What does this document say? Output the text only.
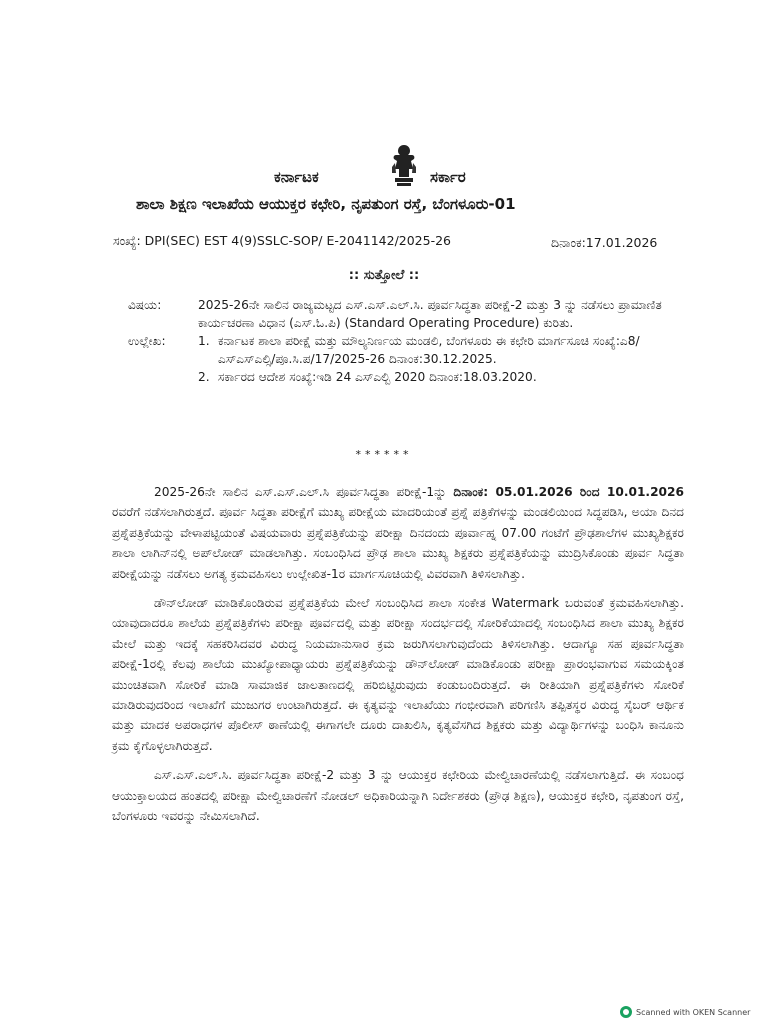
ಕರ್ನಾಟಕ	ಸರ್ಕಾರ
ಶಾಲಾ ಶಿಕ್ಷಣ ಇಲಾಖೆಯ ಆಯುಕ್ತರ ಕಛೇರಿ, ನೃಪತುಂಗ ರಸ್ತೆ, ಬೆಂಗಳೂರು-01
ಸಂಖ್ಯೆ: DPI(SEC) EST 4(9)SSLC-SOP/ E-2041142/2025-26	ದಿನಾಂಕ:17.01.2026
:: ಸುತ್ತೋಲೆ ::
ವಿಷಯ:	2025-26ನೇ ಸಾಲಿನ ರಾಜ್ಯಮಟ್ಟದ ಎಸ್.ಎಸ್.ಎಲ್.ಸಿ. ಪೂರ್ವಸಿದ್ಧತಾ ಪರೀಕ್ಷೆ-2 ಮತ್ತು 3 ನ್ನು ನಡೆಸಲು ಪ್ರಾಮಾಣಿತ ಕಾರ್ಯಚರಣಾ ವಿಧಾನ (ಎಸ್.ಓ.ಪಿ) (Standard Operating Procedure) ಕುರಿತು.
ಉಲ್ಲೇಖ:	1. ಕರ್ನಾಟಕ ಶಾಲಾ ಪರೀಕ್ಷೆ ಮತ್ತು ಮೌಲ್ಯನಿರ್ಣಯ ಮಂಡಲಿ, ಬೆಂಗಳೂರು ಈ ಕಛೇರಿ ಮಾರ್ಗಸೂಚಿ ಸಂಖ್ಯೆ:ಎ8/ಎಸ್ಎಸ್ಎಲ್ಸಿ/ಪೂ.ಸಿ.ಪ/17/2025-26 ದಿನಾಂಕ:30.12.2025.
2. ಸರ್ಕಾರದ ಆದೇಶ ಸಂಖ್ಯೆ:ಇಡಿ 24 ಎಸ್ಎಲ್ಬಿ 2020 ದಿನಾಂಕ:18.03.2020.
******

2025-26ನೇ ಸಾಲಿನ ಎಸ್.ಎಸ್.ಎಲ್.ಸಿ ಪೂರ್ವಸಿದ್ಧತಾ ಪರೀಕ್ಷೆ-1ನ್ನು ದಿನಾಂಕ: 05.01.2026 ರಿಂದ 10.01.2026 ರವರೆಗೆ ನಡೆಸಲಾಗಿರುತ್ತದೆ. ಪೂರ್ವ ಸಿದ್ಧತಾ ಪರೀಕ್ಷೆಗೆ ಮುಖ್ಯ ಪರೀಕ್ಷೆಯ ಮಾದರಿಯಂತೆ ಪ್ರಶ್ನೆ ಪತ್ರಿಕೆಗಳನ್ನು ಮಂಡಲಿಯಿಂದ ಸಿದ್ಧಪಡಿಸಿ, ಅಯಾ ದಿನದ ಪ್ರಶ್ನೆಪತ್ರಿಕೆಯನ್ನು ವೇಳಾಪಟ್ಟಿಯಂತೆ ವಿಷಯವಾರು ಪ್ರಶ್ನೆಪತ್ರಿಕೆಯನ್ನು ಪರೀಕ್ಷಾ ದಿನದಂದು ಪೂರ್ವಾಹ್ನ 07.00 ಗಂಟೆಗೆ ಪ್ರೌಢಶಾಲೆಗಳ ಮುಖ್ಯಶಿಕ್ಷಕರ ಶಾಲಾ ಲಾಗಿನ್‌ನಲ್ಲಿ ಅಪ್‌ಲೋಡ್ ಮಾಡಲಾಗಿತ್ತು. ಸಂಬಂಧಿಸಿದ ಪ್ರೌಢ ಶಾಲಾ ಮುಖ್ಯ ಶಿಕ್ಷಕರು ಪ್ರಶ್ನೆಪತ್ರಿಕೆಯನ್ನು ಮುದ್ರಿಸಿಕೊಂಡು ಪೂರ್ವ ಸಿದ್ಧತಾ ಪರೀಕ್ಷೆಯನ್ನು ನಡೆಸಲು ಅಗತ್ಯ ಕ್ರಮವಹಿಸಲು ಉಲ್ಲೇಖಿತ-1ರ ಮಾರ್ಗಸೂಚಿಯಲ್ಲಿ ವಿವರವಾಗಿ ತಿಳಿಸಲಾಗಿತ್ತು.

ಡೌನ್‌ಲೋಡ್ ಮಾಡಿಕೊಂಡಿರುವ ಪ್ರಶ್ನೆಪತ್ರಿಕೆಯ ಮೇಲೆ ಸಂಬಂಧಿಸಿದ ಶಾಲಾ ಸಂಕೇತ Watermark ಬರುವಂತೆ ಕ್ರಮವಹಿಸಲಾಗಿತ್ತು. ಯಾವುದಾದರೂ ಶಾಲೆಯ ಪ್ರಶ್ನೆಪತ್ರಿಕೆಗಳು ಪರೀಕ್ಷಾ ಪೂರ್ವದಲ್ಲಿ ಮತ್ತು ಪರೀಕ್ಷಾ ಸಂದರ್ಭದಲ್ಲಿ ಸೋರಿಕೆಯಾದಲ್ಲಿ ಸಂಬಂಧಿಸಿದ ಶಾಲಾ ಮುಖ್ಯ ಶಿಕ್ಷಕರ ಮೇಲೆ ಮತ್ತು ಇದಕ್ಕೆ ಸಹಕರಿಸಿದವರ ವಿರುದ್ಧ ನಿಯಮಾನುಸಾರ ಕ್ರಮ ಜರುಗಿಸಲಾಗುವುದೆಂದು ತಿಳಿಸಲಾಗಿತ್ತು. ಆದಾಗ್ಯೂ ಸಹ ಪೂರ್ವಸಿದ್ಧತಾ ಪರೀಕ್ಷೆ-1ರಲ್ಲಿ ಕೆಲವು ಶಾಲೆಯ ಮುಖ್ಯೋಪಾಧ್ಯಾಯರು ಪ್ರಶ್ನೆಪತ್ರಿಕೆಯನ್ನು ಡೌನ್‌ಲೋಡ್ ಮಾಡಿಕೊಂಡು ಪರೀಕ್ಷಾ ಪ್ರಾರಂಭವಾಗುವ ಸಮಯಕ್ಕಿಂತ ಮುಂಚಿತವಾಗಿ ಸೋರಿಕೆ ಮಾಡಿ ಸಾಮಾಜಿಕ ಜಾಲತಾಣದಲ್ಲಿ ಹರಿಬಿಟ್ಟಿರುವುದು ಕಂಡುಬಂದಿರುತ್ತದೆ. ಈ ರೀತಿಯಾಗಿ ಪ್ರಶ್ನೆಪತ್ರಿಕೆಗಳು ಸೋರಿಕೆ ಮಾಡಿರುವುದರಿಂದ ಇಲಾಖೆಗೆ ಮುಜುಗರ ಉಂಟಾಗಿರುತ್ತದೆ. ಈ ಕೃತ್ಯವನ್ನು ಇಲಾಖೆಯು ಗಂಭೀರವಾಗಿ ಪರಿಗಣಿಸಿ ತಪ್ಪಿತಸ್ಥರ ವಿರುದ್ಧ ಸೈಬರ್ ಆರ್ಥಿಕ ಮತ್ತು ಮಾದಕ ಅಪರಾಧಗಳ ಪೊಲೀಸ್ ಠಾಣೆಯಲ್ಲಿ ಈಗಾಗಲೇ ದೂರು ದಾಖಲಿಸಿ, ಕೃತ್ಯವೆಸಗಿದ ಶಿಕ್ಷಕರು ಮತ್ತು ವಿದ್ಯಾರ್ಥಿಗಳನ್ನು ಬಂಧಿಸಿ ಕಾನೂನು ಕ್ರಮ ಕೈಗೊಳ್ಳಲಾಗಿರುತ್ತದೆ.

ಎಸ್.ಎಸ್.ಎಲ್.ಸಿ. ಪೂರ್ವಸಿದ್ಧತಾ ಪರೀಕ್ಷೆ-2 ಮತ್ತು 3 ನ್ನು ಆಯುಕ್ತರ ಕಛೇರಿಯ ಮೇಲ್ವಿಚಾರಣೆಯಲ್ಲಿ ನಡೆಸಲಾಗುತ್ತಿದೆ. ಈ ಸಂಬಂಧ ಆಯುಕ್ತಾಲಯದ ಹಂತದಲ್ಲಿ ಪರೀಕ್ಷಾ ಮೇಲ್ವಿಚಾರಣೆಗೆ ನೋಡಲ್ ಅಧಿಕಾರಿಯನ್ನಾಗಿ ನಿರ್ದೇಶಕರು (ಪ್ರೌಢ ಶಿಕ್ಷಣ), ಆಯುಕ್ತರ ಕಛೇರಿ, ನೃಪತುಂಗ ರಸ್ತೆ, ಬೆಂಗಳೂರು ಇವರನ್ನು ನೇಮಿಸಲಾಗಿದೆ.

Scanned with OKEN Scanner
